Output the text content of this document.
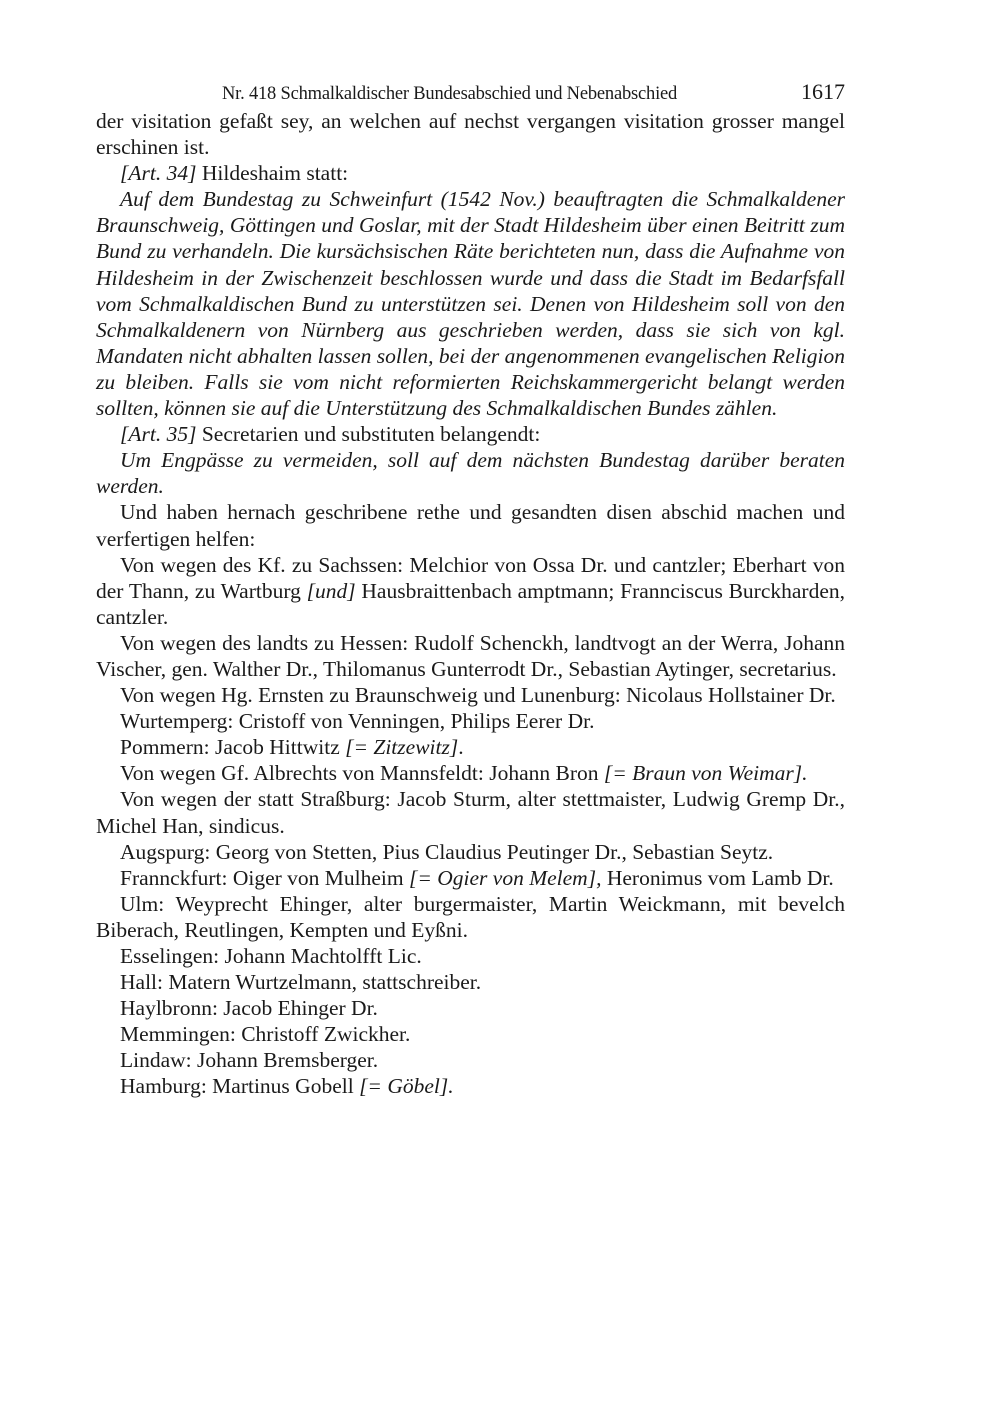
Nr. 418 Schmalkaldischer Bundesabschied und Nebenabschied	1617

der visitation gefaßt sey, an welchen auf nechst vergangen visitation grosser mangel erschinen ist.

[Art. 34] Hildeshaim statt:

Auf dem Bundestag zu Schweinfurt (1542 Nov.) beauftragten die Schmalkaldener Braunschweig, Göttingen und Goslar, mit der Stadt Hildesheim über einen Beitritt zum Bund zu verhandeln. Die kursächsischen Räte berichteten nun, dass die Aufnahme von Hildesheim in der Zwischenzeit beschlossen wurde und dass die Stadt im Bedarfsfall vom Schmalkaldischen Bund zu unterstützen sei. Denen von Hildesheim soll von den Schmalkaldenern von Nürnberg aus geschrieben werden, dass sie sich von kgl. Mandaten nicht abhalten lassen sollen, bei der angenommenen evangelischen Religion zu bleiben. Falls sie vom nicht reformierten Reichskammergericht belangt werden sollten, können sie auf die Unterstützung des Schmalkaldischen Bundes zählen.

[Art. 35] Secretarien und substituten belangendt:

Um Engpässe zu vermeiden, soll auf dem nächsten Bundestag darüber beraten werden.

Und haben hernach geschribene rethe und gesandten disen abschid machen und verfertigen helfen:

Von wegen des Kf. zu Sachssen: Melchior von Ossa Dr. und cantzler; Eberhart von der Thann, zu Wartburg [und] Hausbraittenbach amptmann; Frannciscus Burckharden, cantzler.

Von wegen des landts zu Hessen: Rudolf Schenckh, landtvogt an der Werra, Johann Vischer, gen. Walther Dr., Thilomanus Gunterrodt Dr., Sebastian Aytinger, secretarius.

Von wegen Hg. Ernsten zu Braunschweig und Lunenburg: Nicolaus Hollstainer Dr.

Wurtemperg: Cristoff von Venningen, Philips Eerer Dr.

Pommern: Jacob Hittwitz [= Zitzewitz].

Von wegen Gf. Albrechts von Mannsfeldt: Johann Bron [= Braun von Weimar].

Von wegen der statt Straßburg: Jacob Sturm, alter stettmaister, Ludwig Gremp Dr., Michel Han, sindicus.

Augspurg: Georg von Stetten, Pius Claudius Peutinger Dr., Sebastian Seytz.

Frannckfurt: Oiger von Mulheim [= Ogier von Melem], Heronimus vom Lamb Dr.

Ulm: Weyprecht Ehinger, alter burgermaister, Martin Weickmann, mit bevelch Biberach, Reutlingen, Kempten und Eyßni.

Esselingen: Johann Machtolfft Lic.

Hall: Matern Wurtzelmann, stattschreiber.

Haylbronn: Jacob Ehinger Dr.

Memmingen: Christoff Zwickher.

Lindaw: Johann Bremsberger.

Hamburg: Martinus Gobell [= Göbel].
